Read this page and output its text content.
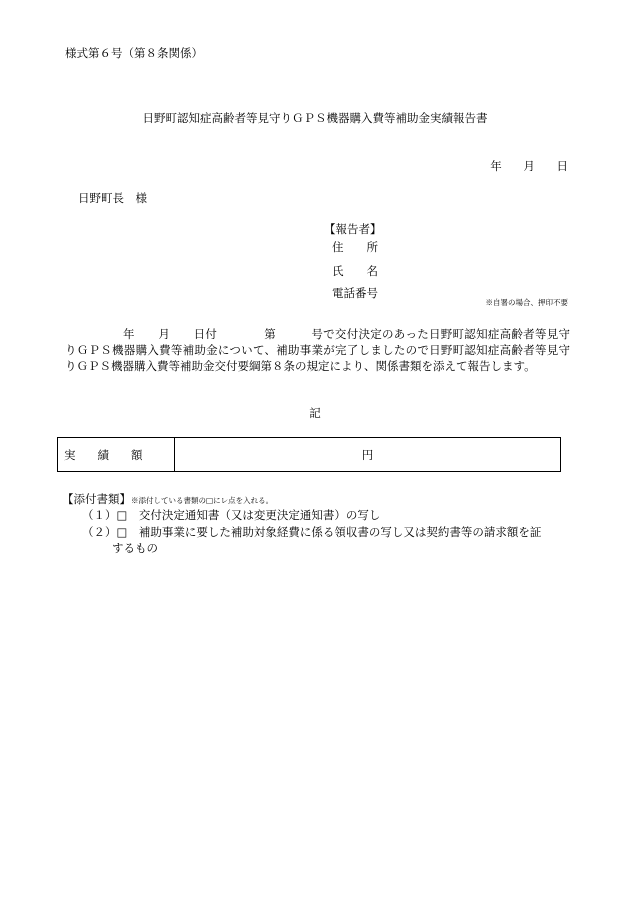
様式第６号（第８条関係）
日野町認知症高齢者等見守りＧＰＳ機器購入費等補助金実績報告書
年 月 日
日野町長　様
【報告者】
住　　所
氏　　名
電話番号
※自署の場合、押印不要
年　　月　　日付　　　　第　　　号で交付決定のあった日野町認知症高齢者等見守りＧＰＳ機器購入費等補助金について、補助事業が完了しましたので日野町認知症高齢者等見守りＧＰＳ機器購入費等補助金交付要綱第８条の規定により、関係書類を添えて報告します。
記
実績額	円
【添付書類】※添付している書類の□にレ点を入れる。
（１）□　交付決定通知書（又は変更決定通知書）の写し
（２）□　補助事業に要した補助対象経費に係る領収書の写し又は契約書等の請求額を証
するもの
